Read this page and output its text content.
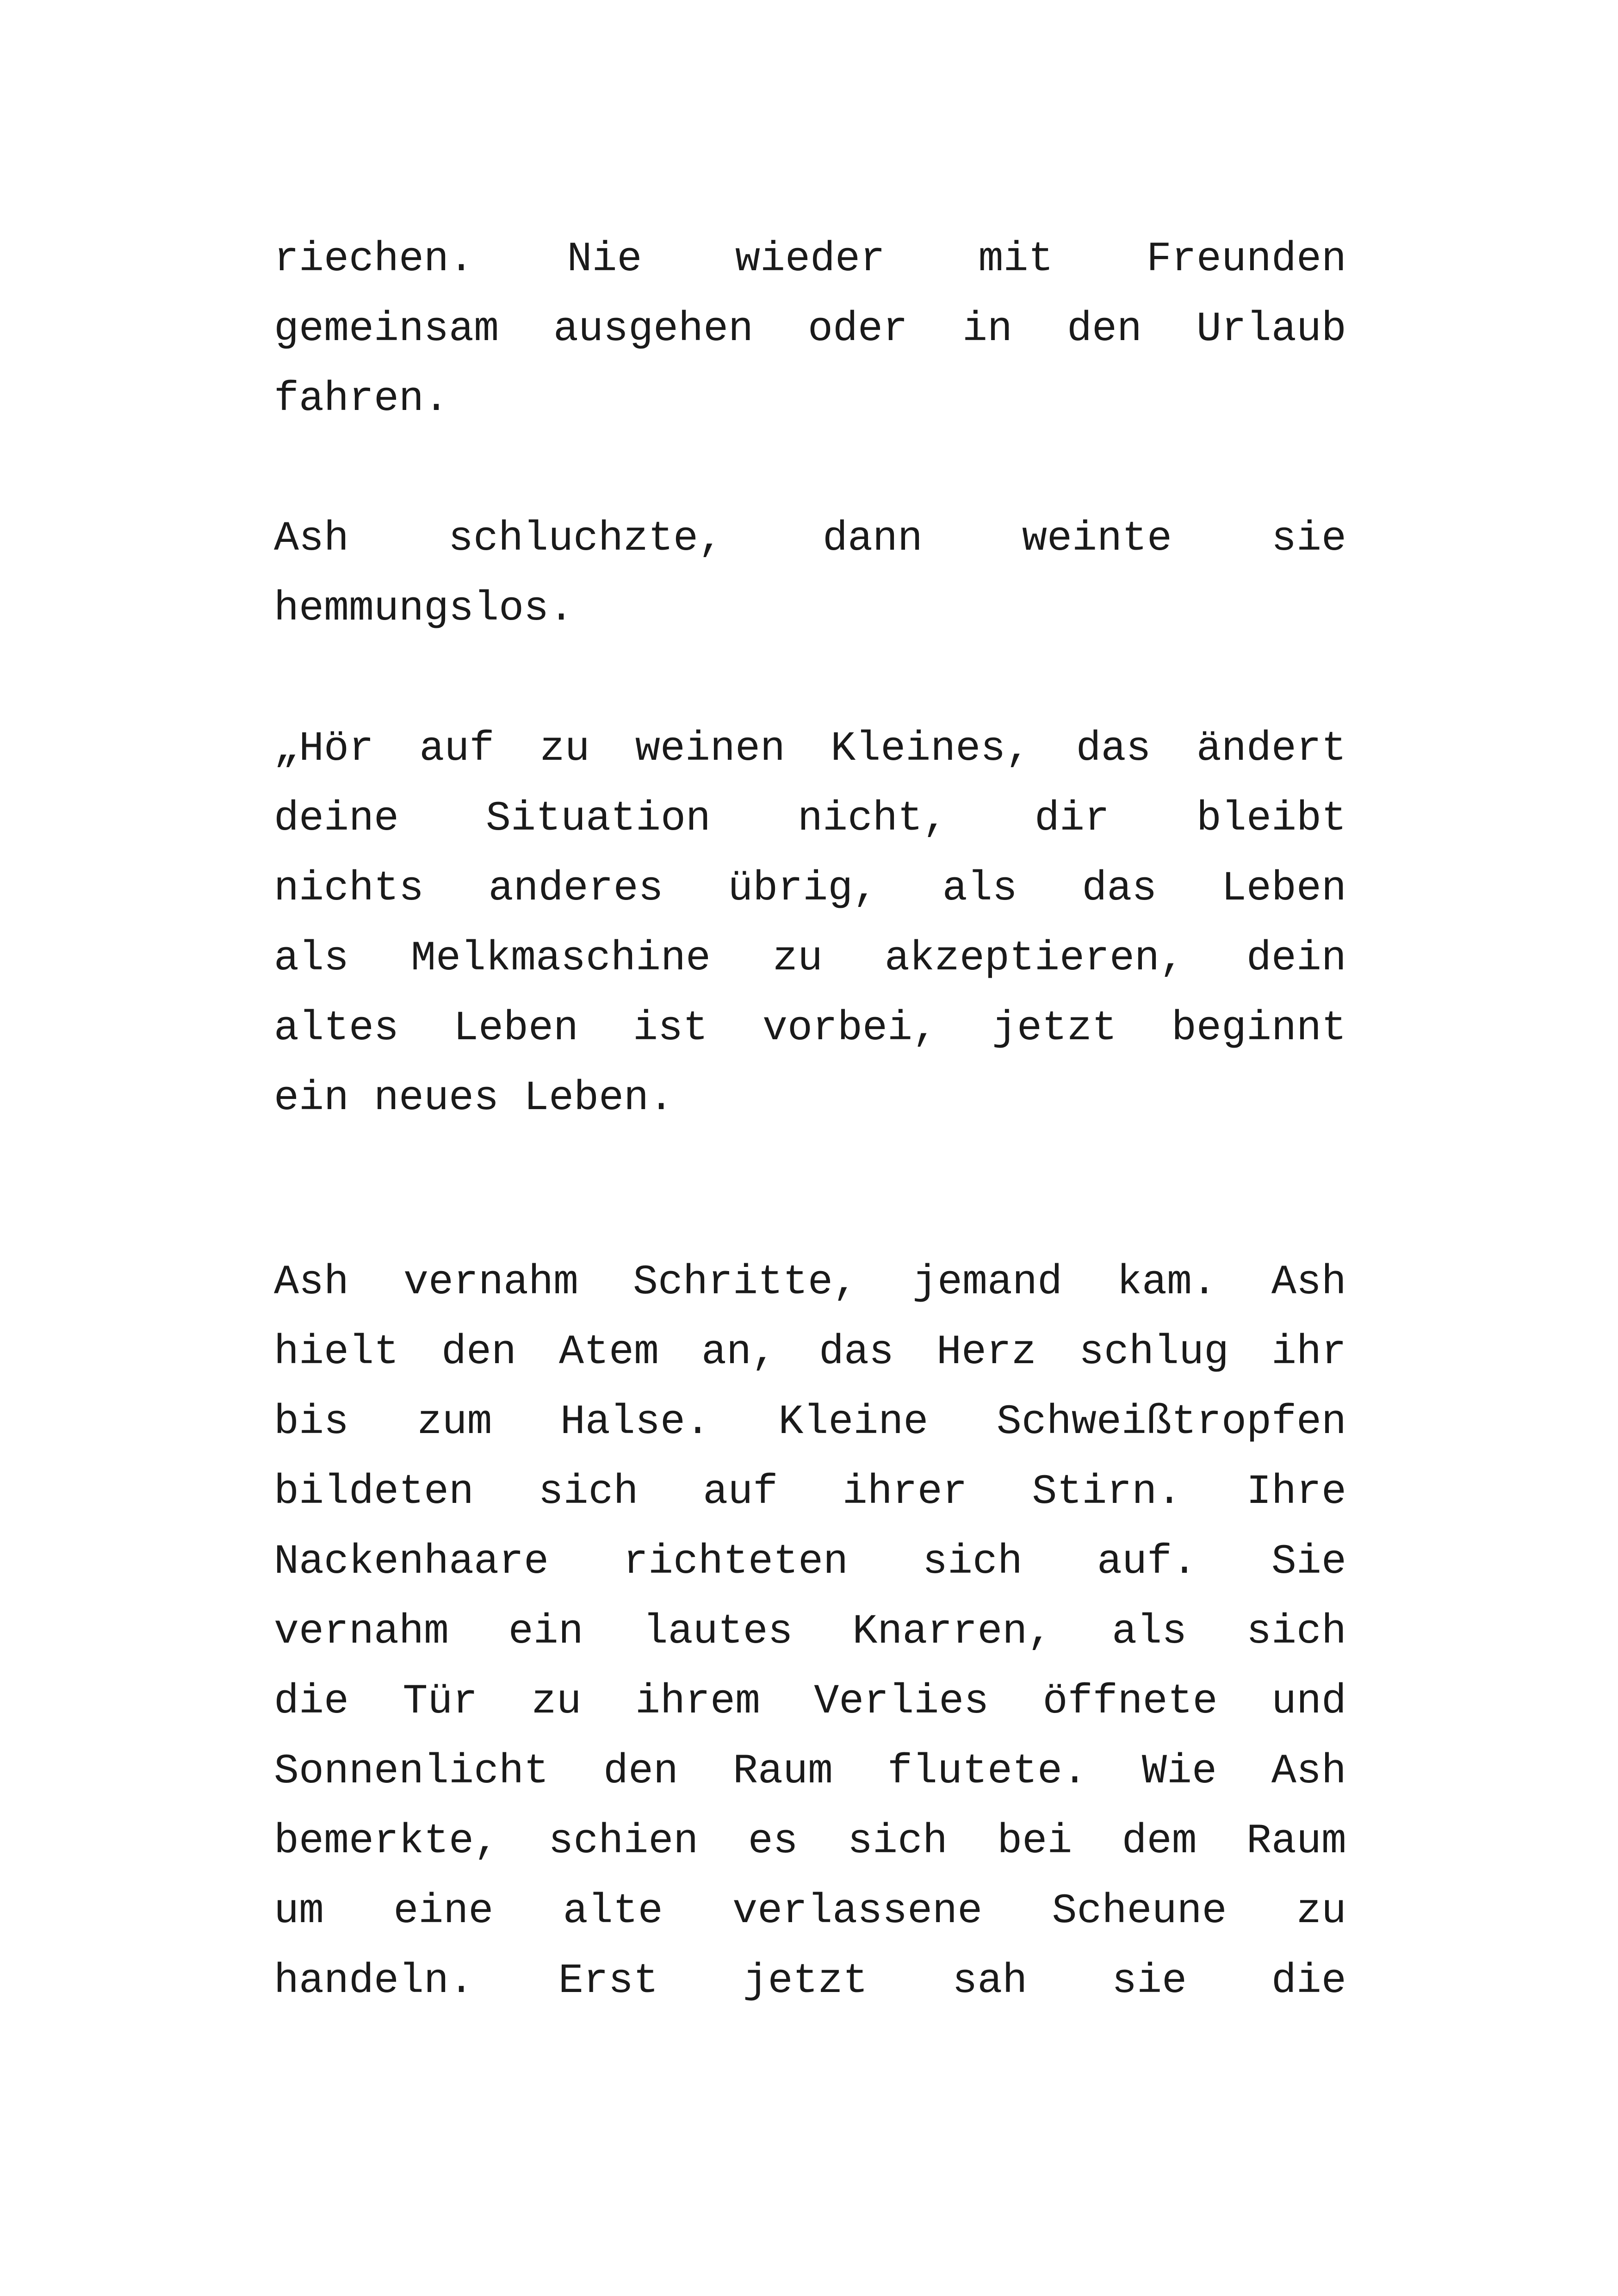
riechen. Nie wieder mit Freunden
gemeinsam ausgehen oder in den Urlaub
fahren.
Ash schluchzte, dann weinte sie
hemmungslos.
„Hör auf zu weinen Kleines, das ändert
deine Situation nicht, dir bleibt
nichts anderes übrig, als das Leben
als Melkmaschine zu akzeptieren, dein
altes Leben ist vorbei, jetzt beginnt
ein neues Leben.
Ash vernahm Schritte, jemand kam. Ash
hielt den Atem an, das Herz schlug ihr
bis zum Halse. Kleine Schweißtropfen
bildeten sich auf ihrer Stirn. Ihre
Nackenhaare richteten sich auf. Sie
vernahm ein lautes Knarren, als sich
die Tür zu ihrem Verlies öffnete und
Sonnenlicht den Raum flutete. Wie Ash
bemerkte, schien es sich bei dem Raum
um eine alte verlassene Scheune zu
handeln. Erst jetzt sah sie die
